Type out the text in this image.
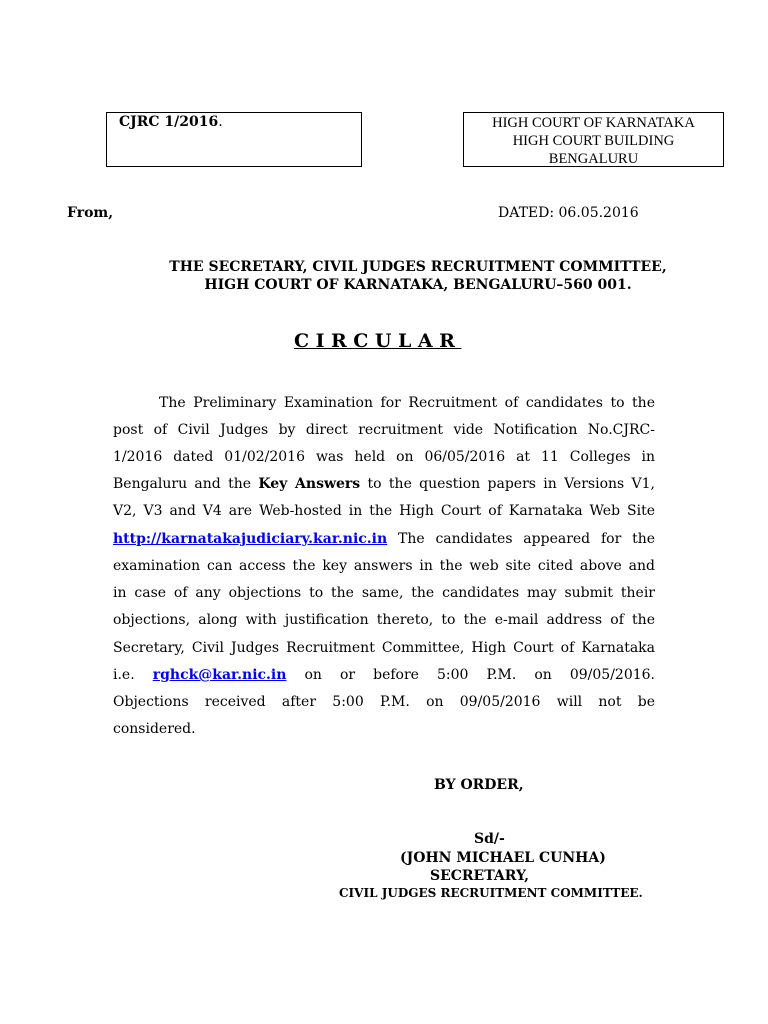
CJRC 1/2016.	HIGH COURT OF KARNATAKA
HIGH COURT BUILDING
BENGALURU
From,	DATED: 06.05.2016
THE SECRETARY, CIVIL JUDGES RECRUITMENT COMMITTEE,
HIGH COURT OF KARNATAKA, BENGALURU–560 001.
CIRCULAR
The Preliminary Examination for Recruitment of candidates to the
post of Civil Judges by direct recruitment vide Notification No.CJRC-
1/2016 dated 01/02/2016 was held on 06/05/2016 at 11 Colleges in
Bengaluru and the Key Answers to the question papers in Versions V1,
V2, V3 and V4 are Web-hosted in the High Court of Karnataka Web Site
http://karnatakajudiciary.kar.nic.in The candidates appeared for the
examination can access the key answers in the web site cited above and
in case of any objections to the same, the candidates may submit their
objections, along with justification thereto, to the e-mail address of the
Secretary, Civil Judges Recruitment Committee, High Court of Karnataka
i.e. rghck@kar.nic.in on or before 5:00 P.M. on 09/05/2016.
Objections received after 5:00 P.M. on 09/05/2016 will not be
considered.
BY ORDER,
Sd/-
(JOHN MICHAEL CUNHA)
SECRETARY,
CIVIL JUDGES RECRUITMENT COMMITTEE.
